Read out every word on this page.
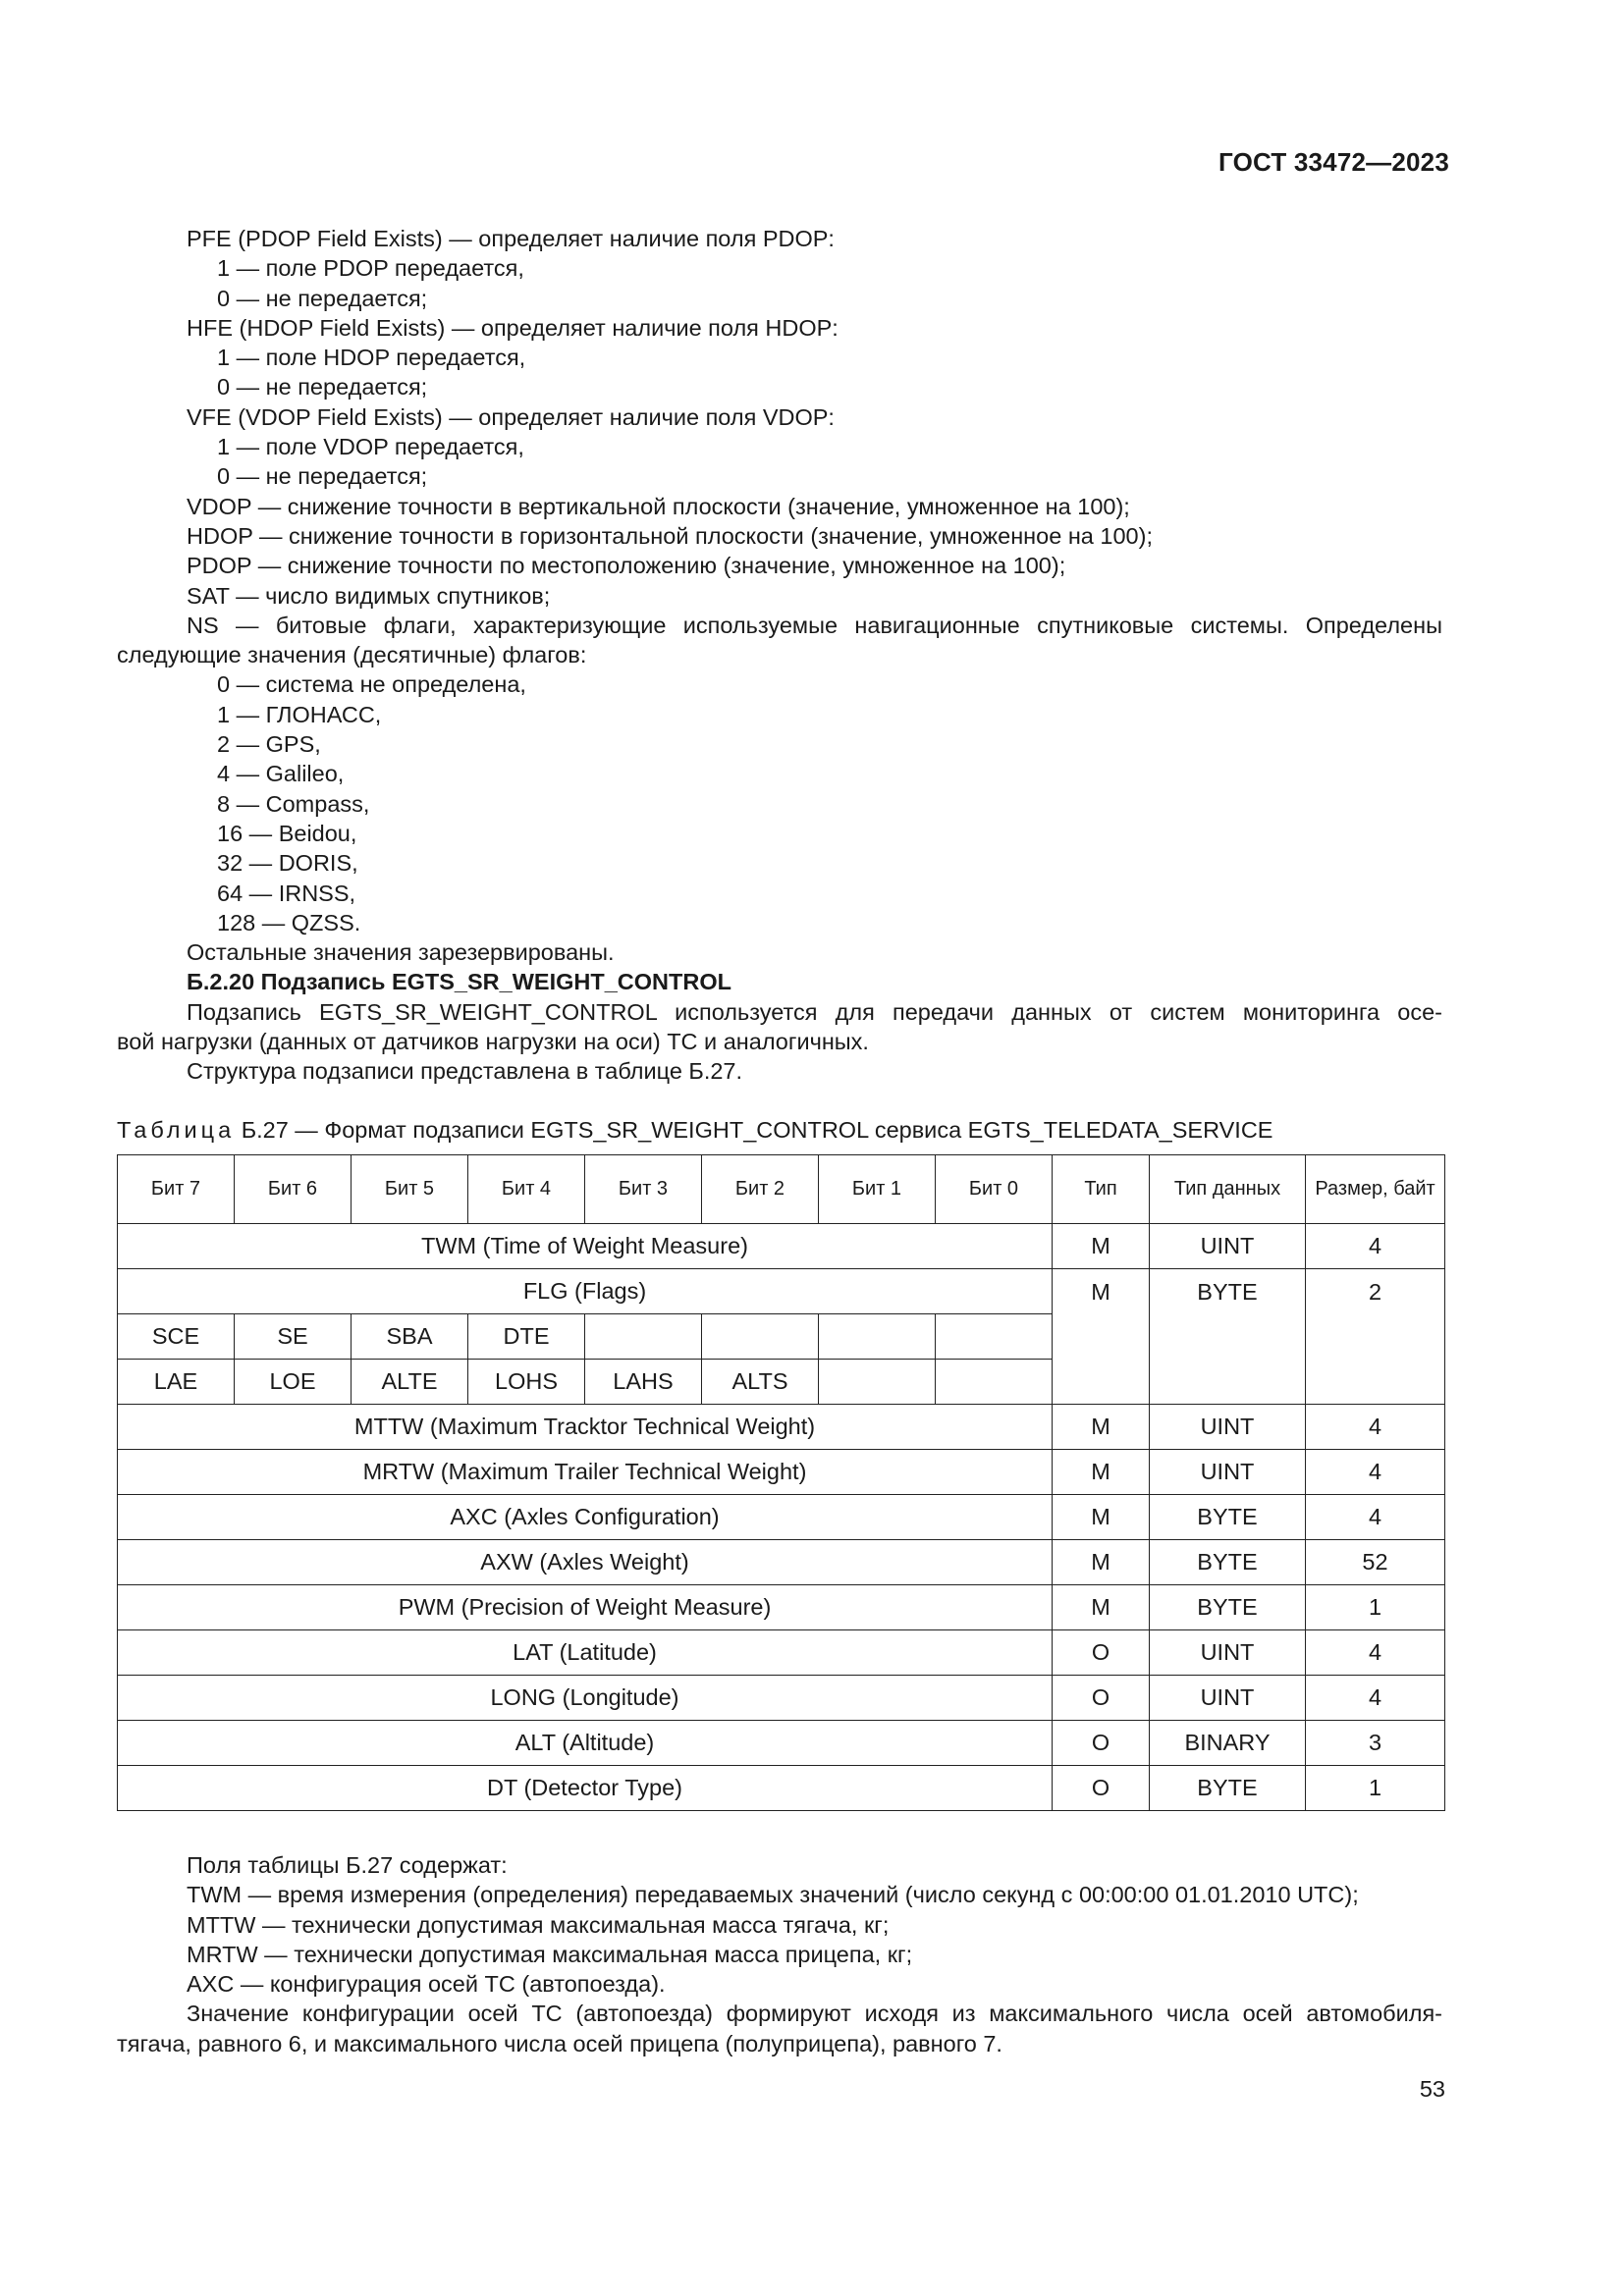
ГОСТ 33472—2023
PFE (PDOP Field Exists) — определяет наличие поля PDOP:
1 — поле PDOP передается,
0 — не передается;
HFE (HDOP Field Exists) — определяет наличие поля HDOP:
1 — поле HDOP передается,
0 — не передается;
VFE (VDOP Field Exists) — определяет наличие поля VDOP:
1 — поле VDOP передается,
0 — не передается;
VDOP — снижение точности в вертикальной плоскости (значение, умноженное на 100);
HDOP — снижение точности в горизонтальной плоскости (значение, умноженное на 100);
PDOP — снижение точности по местоположению (значение, умноженное на 100);
SAT — число видимых спутников;
NS — битовые флаги, характеризующие используемые навигационные спутниковые системы. Определены
следующие значения (десятичные) флагов:
0 — система не определена,
1 — ГЛОНАСС,
2 — GPS,
4 — Galileo,
8 — Compass,
16 — Beidou,
32 — DORIS,
64 — IRNSS,
128 — QZSS.
Остальные значения зарезервированы.
Б.2.20 Подзапись EGTS_SR_WEIGHT_CONTROL
Подзапись EGTS_SR_WEIGHT_CONTROL используется для передачи данных от систем мониторинга осе-
вой нагрузки (данных от датчиков нагрузки на оси) ТС и аналогичных.
Структура подзаписи представлена в таблице Б.27.
Таблица Б.27 — Формат подзаписи EGTS_SR_WEIGHT_CONTROL сервиса EGTS_TELEDATA_SERVICE
Бит 7	Бит 6	Бит 5	Бит 4	Бит 3	Бит 2	Бит 1	Бит 0	Тип	Тип данных	Размер, байт
TWM (Time of Weight Measure)								M	UINT	4
FLG (Flags)								M	BYTE	2
SCE	SE	SBA	DTE							
LAE	LOE	ALTE	LOHS	LAHS	ALTS					
MTTW (Maximum Tracktor Technical Weight)								M	UINT	4
MRTW (Maximum Trailer Technical Weight)								M	UINT	4
AXC (Axles Configuration)								M	BYTE	4
AXW (Axles Weight)								M	BYTE	52
PWM (Precision of Weight Measure)								M	BYTE	1
LAT (Latitude)								O	UINT	4
LONG (Longitude)								O	UINT	4
ALT (Altitude)								O	BINARY	3
DT (Detector Type)								O	BYTE	1
Поля таблицы Б.27 содержат:
TWM — время измерения (определения) передаваемых значений (число секунд с 00:00:00 01.01.2010 UTC);
MTTW — технически допустимая максимальная масса тягача, кг;
MRTW — технически допустимая максимальная масса прицепа, кг;
AXC — конфигурация осей ТС (автопоезда).
Значение конфигурации осей ТС (автопоезда) формируют исходя из максимального числа осей автомобиля-
тягача, равного 6, и максимального числа осей прицепа (полуприцепа), равного 7.
53
